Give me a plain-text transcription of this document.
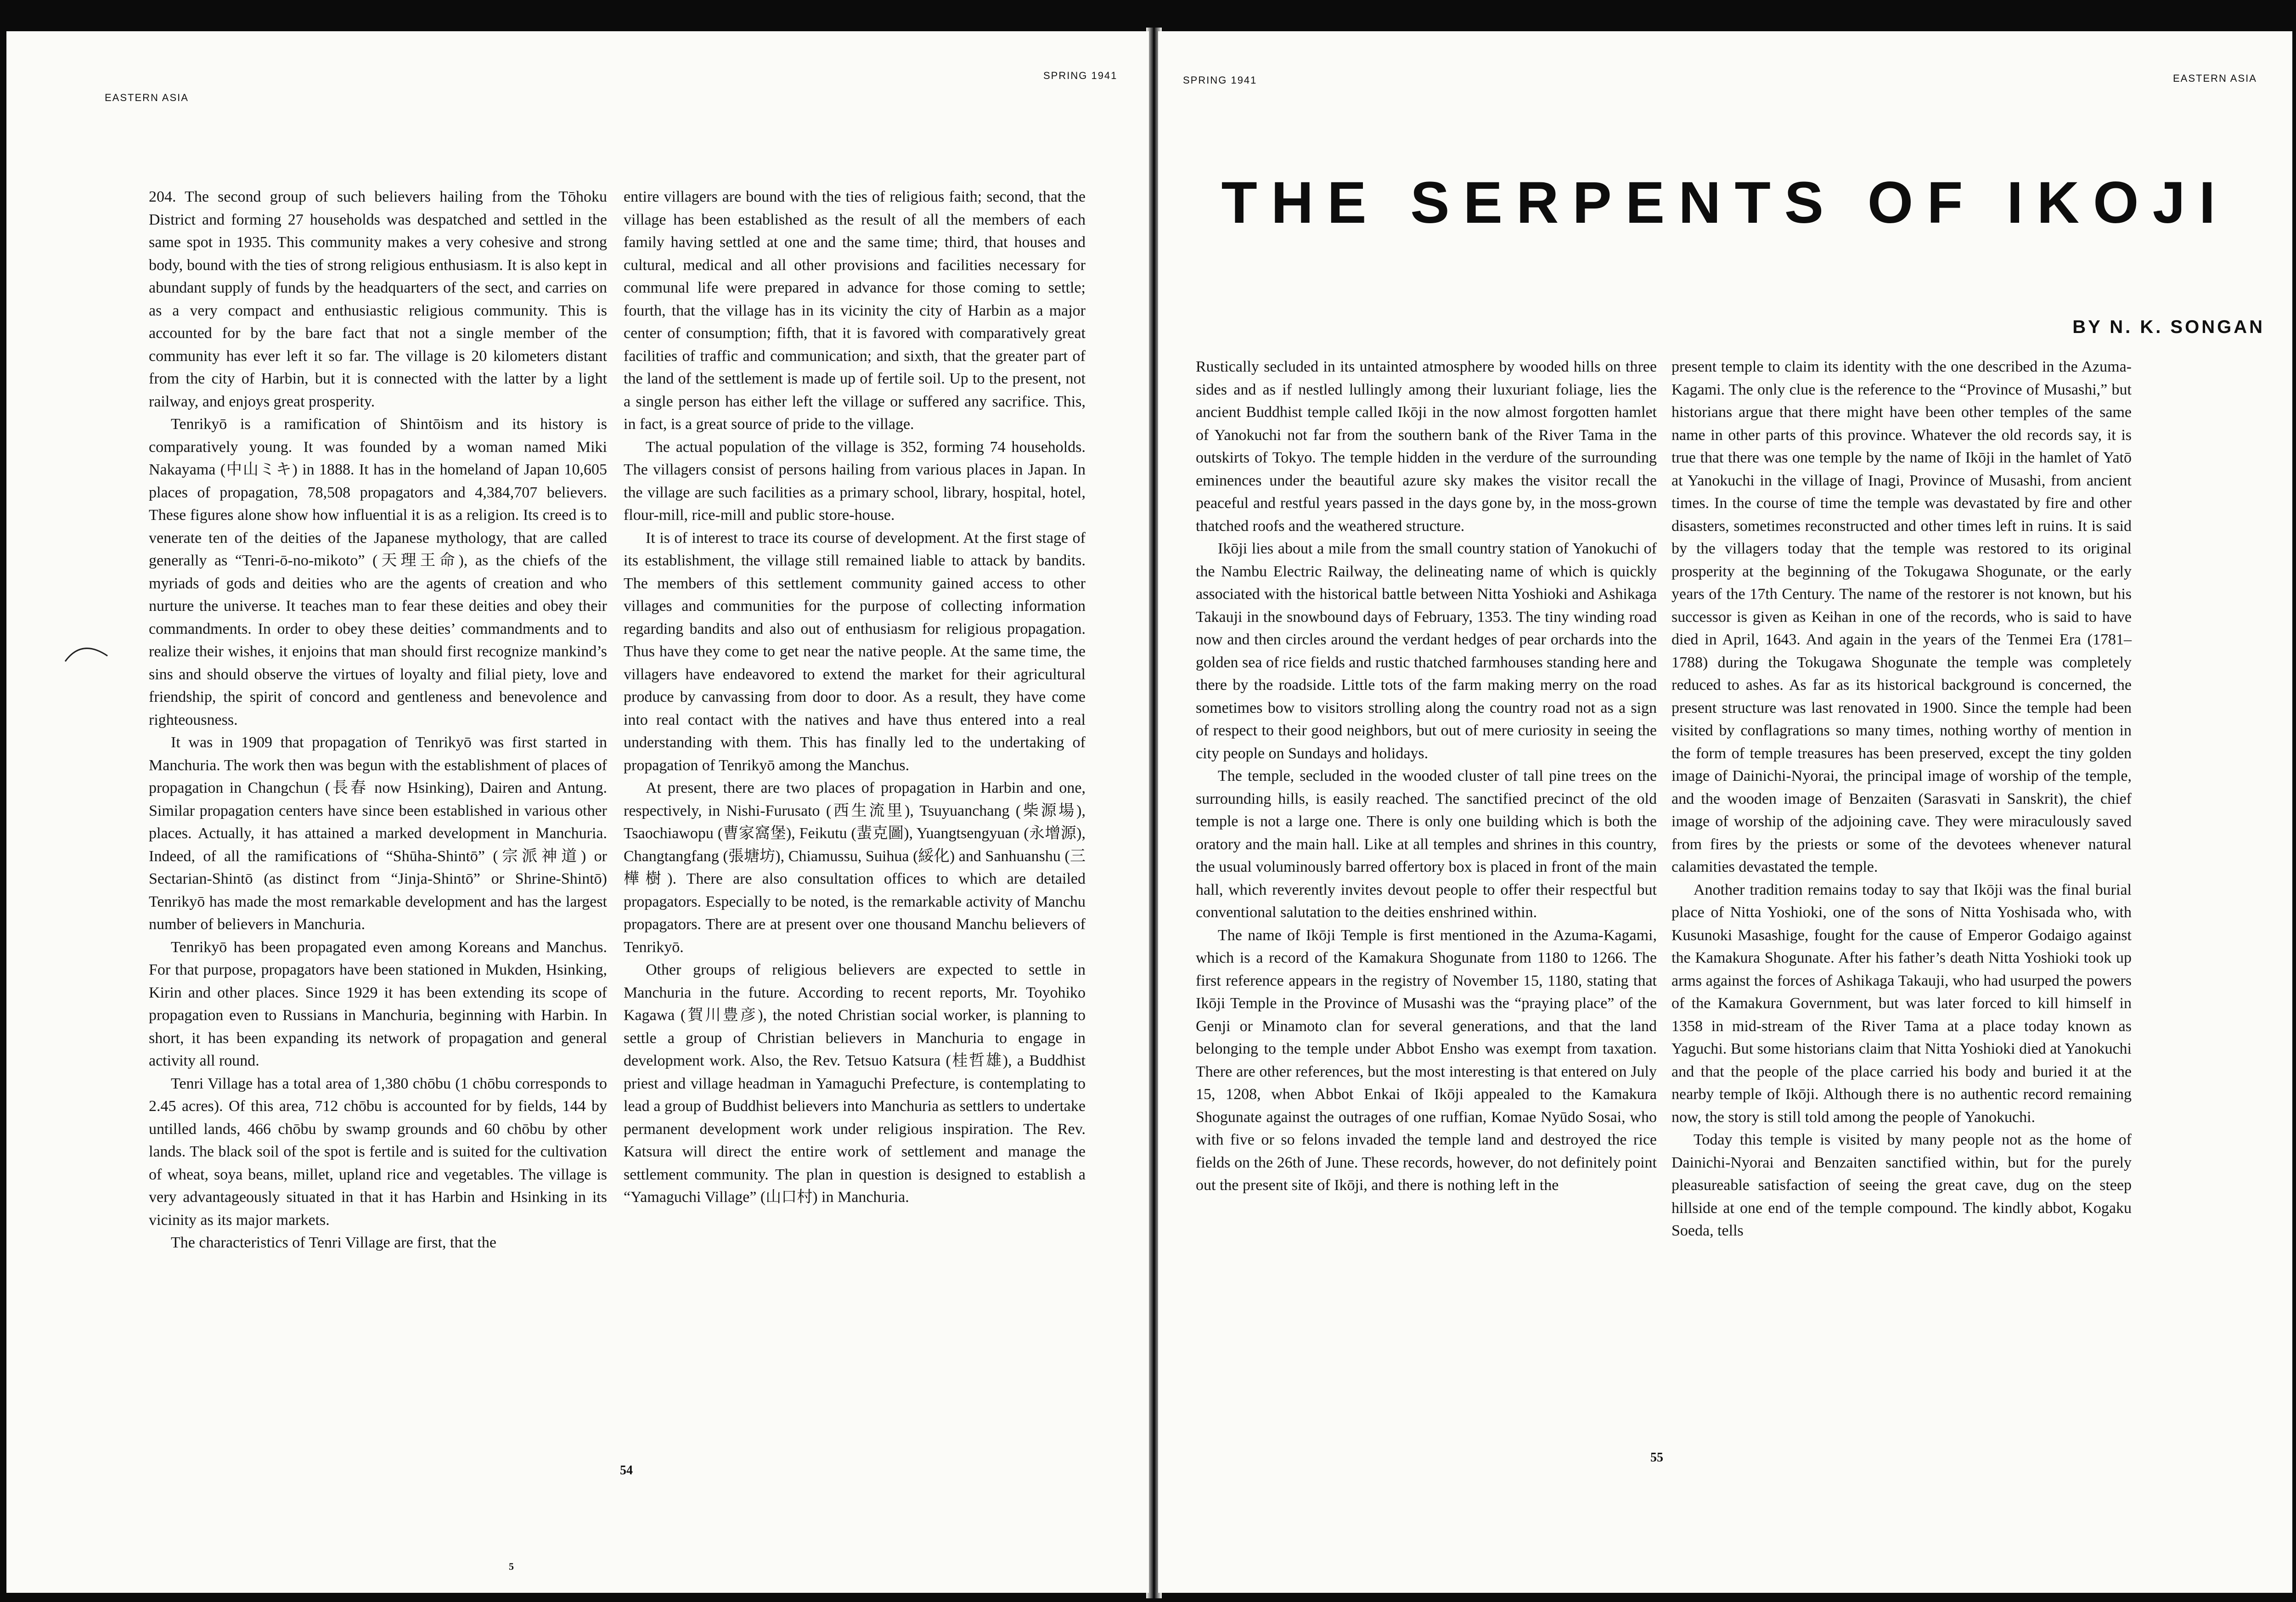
EASTERN ASIA
SPRING 1941

204. The second group of such believers hailing from the Tōhoku District and forming 27 households was despatched and settled in the same spot in 1935. This community makes a very cohesive and strong body, bound with the ties of strong religious enthusiasm. It is also kept in abundant supply of funds by the headquarters of the sect, and carries on as a very compact and enthusiastic religious community. This is accounted for by the bare fact that not a single member of the community has ever left it so far. The village is 20 kilometers distant from the city of Harbin, but it is connected with the latter by a light railway, and enjoys great prosperity.

Tenrikyō is a ramification of Shintōism and its history is comparatively young. It was founded by a woman named Miki Nakayama (中山ミキ) in 1888. It has in the homeland of Japan 10,605 places of propagation, 78,508 propagators and 4,384,707 believers. These figures alone show how influential it is as a religion. Its creed is to venerate ten of the deities of the Japanese mythology, that are called generally as “Tenri-ō-no-mikoto” (天理王命), as the chiefs of the myriads of gods and deities who are the agents of creation and who nurture the universe. It teaches man to fear these deities and obey their commandments. In order to obey these deities’ commandments and to realize their wishes, it enjoins that man should first recognize mankind’s sins and should observe the virtues of loyalty and filial piety, love and friendship, the spirit of concord and gentleness and benevolence and righteousness.

It was in 1909 that propagation of Tenrikyō was first started in Manchuria. The work then was begun with the establishment of places of propagation in Changchun (長春 now Hsinking), Dairen and Antung. Similar propagation centers have since been established in various other places. Actually, it has attained a marked development in Manchuria. Indeed, of all the ramifications of “Shūha-Shintō” (宗派神道) or Sectarian-Shintō (as distinct from “Jinja-Shintō” or Shrine-Shintō) Tenrikyō has made the most remarkable development and has the largest number of believers in Manchuria.

Tenrikyō has been propagated even among Koreans and Manchus. For that purpose, propagators have been stationed in Mukden, Hsinking, Kirin and other places. Since 1929 it has been extending its scope of propagation even to Russians in Manchuria, beginning with Harbin. In short, it has been expanding its network of propagation and general activity all round.

Tenri Village has a total area of 1,380 chōbu (1 chōbu corresponds to 2.45 acres). Of this area, 712 chōbu is accounted for by fields, 144 by untilled lands, 466 chōbu by swamp grounds and 60 chōbu by other lands. The black soil of the spot is fertile and is suited for the cultivation of wheat, soya beans, millet, upland rice and vegetables. The village is very advantageously situated in that it has Harbin and Hsinking in its vicinity as its major markets.

The characteristics of Tenri Village are first, that the

entire villagers are bound with the ties of religious faith; second, that the village has been established as the result of all the members of each family having settled at one and the same time; third, that houses and cultural, medical and all other provisions and facilities necessary for communal life were prepared in advance for those coming to settle; fourth, that the village has in its vicinity the city of Harbin as a major center of consumption; fifth, that it is favored with comparatively great facilities of traffic and communication; and sixth, that the greater part of the land of the settlement is made up of fertile soil. Up to the present, not a single person has either left the village or suffered any sacrifice. This, in fact, is a great source of pride to the village.

The actual population of the village is 352, forming 74 households. The villagers consist of persons hailing from various places in Japan. In the village are such facilities as a primary school, library, hospital, hotel, flour-mill, rice-mill and public store-house.

It is of interest to trace its course of development. At the first stage of its establishment, the village still remained liable to attack by bandits. The members of this settlement community gained access to other villages and communities for the purpose of collecting information regarding bandits and also out of enthusiasm for religious propagation. Thus have they come to get near the native people. At the same time, the villagers have endeavored to extend the market for their agricultural produce by canvassing from door to door. As a result, they have come into real contact with the natives and have thus entered into a real understanding with them. This has finally led to the undertaking of propagation of Tenrikyō among the Manchus.

At present, there are two places of propagation in Harbin and one, respectively, in Nishi-Furusato (西生流里), Tsuyuanchang (柴源場), Tsaochiawopu (曹家窩堡), Feikutu (蜚克圖), Yuangtsengyuan (永增源), Changtangfang (張塘坊), Chiamussu, Suihua (綏化) and Sanhuanshu (三樺樹). There are also consultation offices to which are detailed propagators. Especially to be noted, is the remarkable activity of Manchu propagators. There are at present over one thousand Manchu believers of Tenrikyō.

Other groups of religious believers are expected to settle in Manchuria in the future. According to recent reports, Mr. Toyohiko Kagawa (賀川豊彦), the noted Christian social worker, is planning to settle a group of Christian believers in Manchuria to engage in development work. Also, the Rev. Tetsuo Katsura (桂哲雄), a Buddhist priest and village headman in Yamaguchi Prefecture, is contemplating to lead a group of Buddhist believers into Manchuria as settlers to undertake permanent development work under religious inspiration. The Rev. Katsura will direct the entire work of settlement and manage the settlement community. The plan in question is designed to establish a “Yamaguchi Village” (山口村) in Manchuria.

54
5
SPRING 1941	EASTERN ASIA
THE SERPENTS OF IKOJI
BY N. K. SONGAN

Rustically secluded in its untainted atmosphere by wooded hills on three sides and as if nestled lullingly among their luxuriant foliage, lies the ancient Buddhist temple called Ikōji in the now almost forgotten hamlet of Yanokuchi not far from the southern bank of the River Tama in the outskirts of Tokyo. The temple hidden in the verdure of the surrounding eminences under the beautiful azure sky makes the visitor recall the peaceful and restful years passed in the days gone by, in the moss-grown thatched roofs and the weathered structure.

Ikōji lies about a mile from the small country station of Yanokuchi of the Nambu Electric Railway, the delineating name of which is quickly associated with the historical battle between Nitta Yoshioki and Ashikaga Takauji in the snowbound days of February, 1353. The tiny winding road now and then circles around the verdant hedges of pear orchards into the golden sea of rice fields and rustic thatched farmhouses standing here and there by the roadside. Little tots of the farm making merry on the road sometimes bow to visitors strolling along the country road not as a sign of respect to their good neighbors, but out of mere curiosity in seeing the city people on Sundays and holidays.

The temple, secluded in the wooded cluster of tall pine trees on the surrounding hills, is easily reached. The sanctified precinct of the old temple is not a large one. There is only one building which is both the oratory and the main hall. Like at all temples and shrines in this country, the usual voluminously barred offertory box is placed in front of the main hall, which reverently invites devout people to offer their respectful but conventional salutation to the deities enshrined within.

The name of Ikōji Temple is first mentioned in the Azuma-Kagami, which is a record of the Kamakura Shogunate from 1180 to 1266. The first reference appears in the registry of November 15, 1180, stating that Ikōji Temple in the Province of Musashi was the “praying place” of the Genji or Minamoto clan for several generations, and that the land belonging to the temple under Abbot Ensho was exempt from taxation. There are other references, but the most interesting is that entered on July 15, 1208, when Abbot Enkai of Ikōji appealed to the Kamakura Shogunate against the outrages of one ruffian, Komae Nyūdo Sosai, who with five or so felons invaded the temple land and destroyed the rice fields on the 26th of June. These records, however, do not definitely point out the present site of Ikōji, and there is nothing left in the

present temple to claim its identity with the one described in the Azuma-Kagami. The only clue is the reference to the “Province of Musashi,” but historians argue that there might have been other temples of the same name in other parts of this province. Whatever the old records say, it is true that there was one temple by the name of Ikōji in the hamlet of Yatō at Yanokuchi in the village of Inagi, Province of Musashi, from ancient times. In the course of time the temple was devastated by fire and other disasters, sometimes reconstructed and other times left in ruins. It is said by the villagers today that the temple was restored to its original prosperity at the beginning of the Tokugawa Shogunate, or the early years of the 17th Century. The name of the restorer is not known, but his successor is given as Keihan in one of the records, who is said to have died in April, 1643. And again in the years of the Tenmei Era (1781–1788) during the Tokugawa Shogunate the temple was completely reduced to ashes. As far as its historical background is concerned, the present structure was last renovated in 1900. Since the temple had been visited by conflagrations so many times, nothing worthy of mention in the form of temple treasures has been preserved, except the tiny golden image of Dainichi-Nyorai, the principal image of worship of the temple, and the wooden image of Benzaiten (Sarasvati in Sanskrit), the chief image of worship of the adjoining cave. They were miraculously saved from fires by the priests or some of the devotees whenever natural calamities devastated the temple.

Another tradition remains today to say that Ikōji was the final burial place of Nitta Yoshioki, one of the sons of Nitta Yoshisada who, with Kusunoki Masashige, fought for the cause of Emperor Godaigo against the Kamakura Shogunate. After his father’s death Nitta Yoshioki took up arms against the forces of Ashikaga Takauji, who had usurped the powers of the Kamakura Government, but was later forced to kill himself in 1358 in mid-stream of the River Tama at a place today known as Yaguchi. But some historians claim that Nitta Yoshioki died at Yanokuchi and that the people of the place carried his body and buried it at the nearby temple of Ikōji. Although there is no authentic record remaining now, the story is still told among the people of Yanokuchi.

Today this temple is visited by many people not as the home of Dainichi-Nyorai and Benzaiten sanctified within, but for the purely pleasureable satisfaction of seeing the great cave, dug on the steep hillside at one end of the temple compound. The kindly abbot, Kogaku Soeda, tells

55
